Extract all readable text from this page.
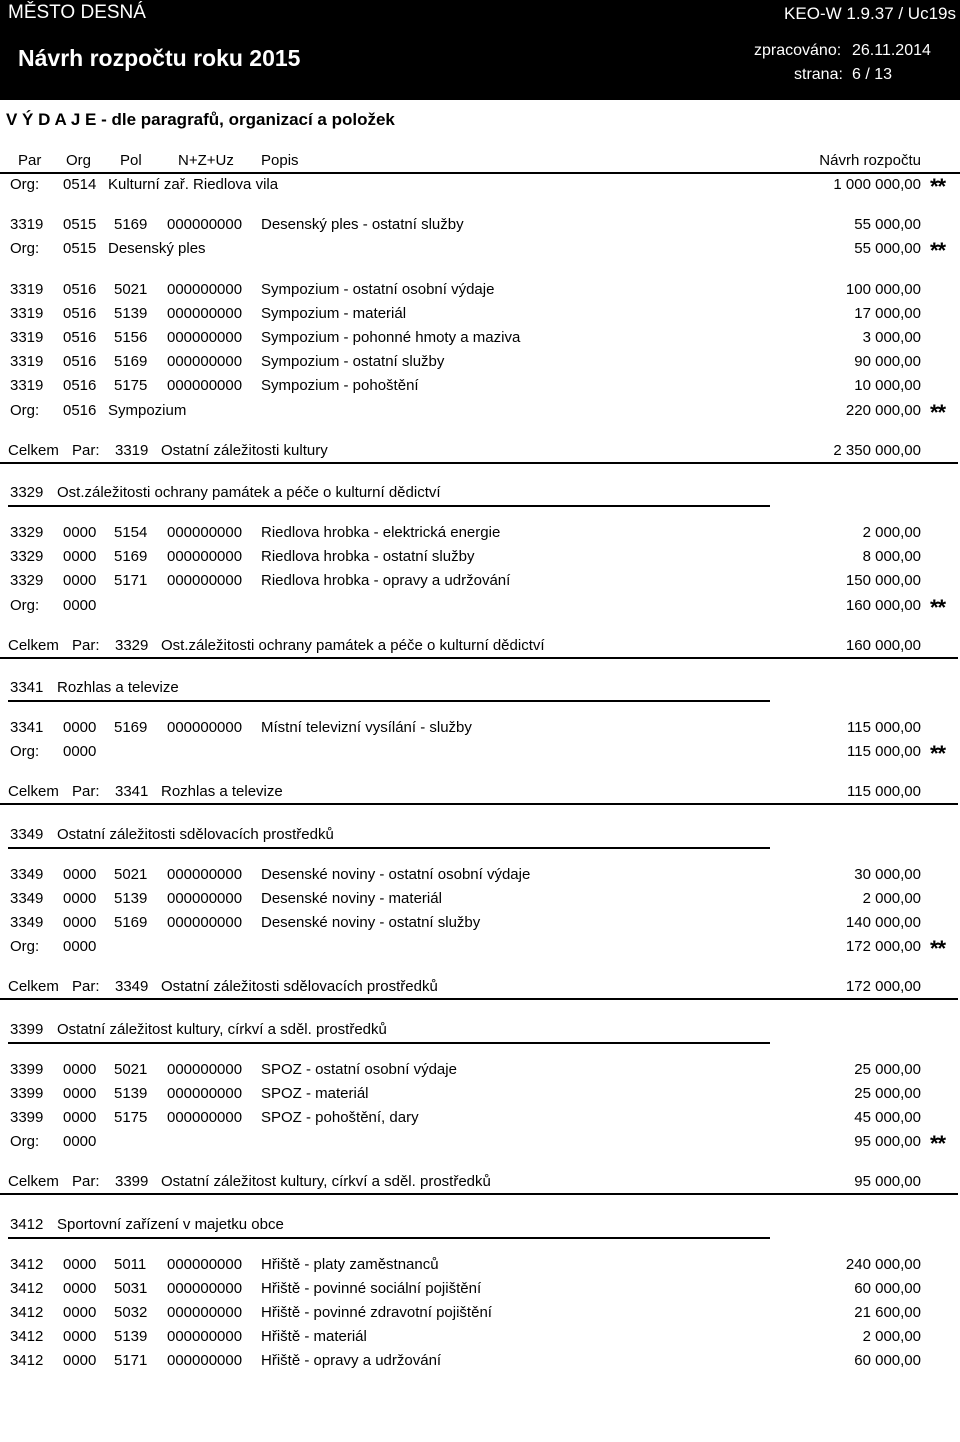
MĚSTO DESNÁ	KEO-W 1.9.37 / Uc19s
Návrh rozpočtu roku 2015	zpracováno: 26.11.2014
strana: 6 / 13
V Ý D A J E - dle paragrafů, organizací a položek
Par Org Pol N+Z+Uz Popis	Návrh rozpočtu
Org: 0514 Kulturní zař. Riedlova vila	1 000 000,00 **
3319 0515 5169 000000000 Desenský ples - ostatní služby	55 000,00
Org: 0515 Desenský ples	55 000,00 **
3319 0516 5021 000000000 Sympozium - ostatní osobní výdaje	100 000,00
3319 0516 5139 000000000 Sympozium - materiál	17 000,00
3319 0516 5156 000000000 Sympozium - pohonné hmoty a maziva	3 000,00
3319 0516 5169 000000000 Sympozium - ostatní služby	90 000,00
3319 0516 5175 000000000 Sympozium - pohoštění	10 000,00
Org: 0516 Sympozium	220 000,00 **
Celkem Par: 3319 Ostatní záležitosti kultury	2 350 000,00
3329 Ost.záležitosti ochrany památek a péče o kulturní dědictví
3329 0000 5154 000000000 Riedlova hrobka - elektrická energie	2 000,00
3329 0000 5169 000000000 Riedlova hrobka - ostatní služby	8 000,00
3329 0000 5171 000000000 Riedlova hrobka - opravy a udržování	150 000,00
Org: 0000	160 000,00 **
Celkem Par: 3329 Ost.záležitosti ochrany památek a péče o kulturní dědictví	160 000,00
3341 Rozhlas a televize
3341 0000 5169 000000000 Místní televizní vysílání - služby	115 000,00
Org: 0000	115 000,00 **
Celkem Par: 3341 Rozhlas a televize	115 000,00
3349 Ostatní záležitosti sdělovacích prostředků
3349 0000 5021 000000000 Desenské noviny - ostatní osobní výdaje	30 000,00
3349 0000 5139 000000000 Desenské noviny - materiál	2 000,00
3349 0000 5169 000000000 Desenské noviny - ostatní služby	140 000,00
Org: 0000	172 000,00 **
Celkem Par: 3349 Ostatní záležitosti sdělovacích prostředků	172 000,00
3399 Ostatní záležitost kultury, církví a sděl. prostředků
3399 0000 5021 000000000 SPOZ - ostatní osobní výdaje	25 000,00
3399 0000 5139 000000000 SPOZ - materiál	25 000,00
3399 0000 5175 000000000 SPOZ - pohoštění, dary	45 000,00
Org: 0000	95 000,00 **
Celkem Par: 3399 Ostatní záležitost kultury, církví a sděl. prostředků	95 000,00
3412 Sportovní zařízení v majetku obce
3412 0000 5011 000000000 Hřiště - platy zaměstnanců	240 000,00
3412 0000 5031 000000000 Hřiště - povinné sociální pojištění	60 000,00
3412 0000 5032 000000000 Hřiště - povinné zdravotní pojištění	21 600,00
3412 0000 5139 000000000 Hřiště - materiál	2 000,00
3412 0000 5171 000000000 Hřiště - opravy a udržování	60 000,00
